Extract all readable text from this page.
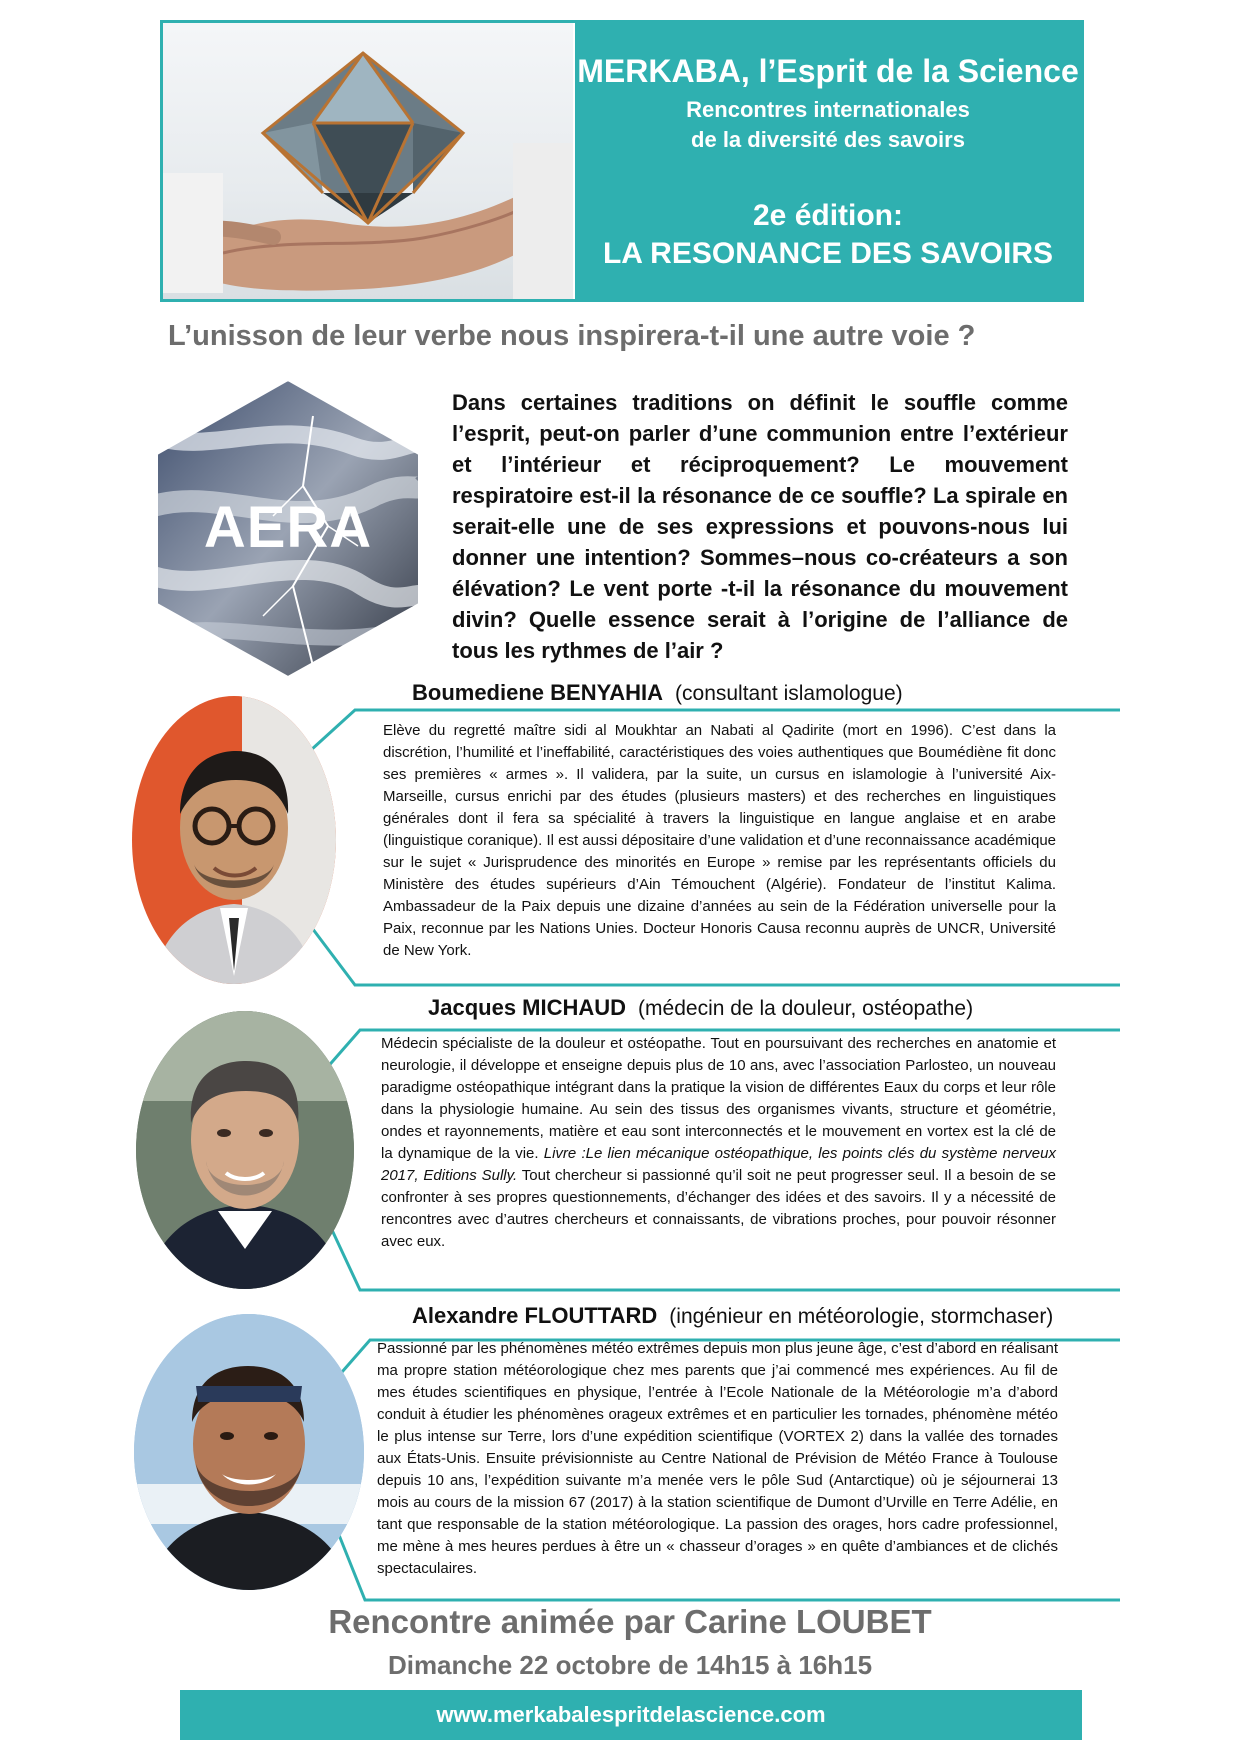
MERKABA, l’Esprit de la Science
Rencontres internationales
de la diversité des savoirs
2e édition:
LA RESONANCE DES SAVOIRS
L’unisson de leur verbe nous inspirera-t-il une autre voie ?
AERA
Dans certaines traditions on définit le souffle comme l’esprit, peut-on parler d’une communion entre l’extérieur et l’intérieur et réciproquement? Le mouvement respiratoire est-il la résonance de ce souffle? La spirale en serait-elle une de ses expressions et pouvons-nous lui donner une intention? Sommes–nous co-créateurs a son élévation? Le vent porte -t-il la résonance du mouvement divin? Quelle essence serait à l’origine de l’alliance de tous les rythmes de l’air ?
Boumediene BENYAHIA (consultant islamologue)
Elève du regretté maître sidi al Moukhtar an Nabati al Qadirite (mort en 1996). C’est dans la discrétion, l’humilité et l’ineffabilité, caractéristiques des voies authentiques que Boumédiène fit donc ses premières « armes ». Il validera, par la suite, un cursus en islamologie à l’université Aix-Marseille, cursus enrichi par des études (plusieurs masters) et des recherches en linguistiques générales dont il fera sa spécialité à travers la linguistique en langue anglaise et en arabe (linguistique coranique). Il est aussi dépositaire d’une validation et d’une reconnaissance académique sur le sujet « Jurisprudence des minorités en Europe » remise par les représentants officiels du Ministère des études supérieurs d’Ain Témouchent (Algérie). Fondateur de l’institut Kalima. Ambassadeur de la Paix depuis une dizaine d’années au sein de la Fédération universelle pour la Paix, reconnue par les Nations Unies. Docteur Honoris Causa reconnu auprès de UNCR, Université de New York.
Jacques MICHAUD (médecin de la douleur, ostéopathe)
Médecin spécialiste de la douleur et ostéopathe. Tout en poursuivant des recherches en anatomie et neurologie, il développe et enseigne depuis plus de 10 ans, avec l’association Parlosteo, un nouveau paradigme ostéopathique intégrant dans la pratique la vision de différentes Eaux du corps et leur rôle dans la physiologie humaine. Au sein des tissus des organismes vivants, structure et géométrie, ondes et rayonnements, matière et eau sont interconnectés et le mouvement en vortex est la clé de la dynamique de la vie. Livre :Le lien mécanique ostéopathique, les points clés du système nerveux 2017, Editions Sully. Tout chercheur si passionné qu’il soit ne peut progresser seul. Il a besoin de se confronter à ses propres questionnements, d’échanger des idées et des savoirs. Il y a nécessité de rencontres avec d’autres chercheurs et connaissants, de vibrations proches, pour pouvoir résonner avec eux.
Alexandre FLOUTTARD (ingénieur en météorologie, stormchaser)
Passionné par les phénomènes météo extrêmes depuis mon plus jeune âge, c’est d’abord en réalisant ma propre station météorologique chez mes parents que j’ai commencé mes expériences. Au fil de mes études scientifiques en physique, l’entrée à l’Ecole Nationale de la Météorologie m’a d’abord conduit à étudier les phénomènes orageux extrêmes et en particulier les tornades, phénomène météo le plus intense sur Terre, lors d’une expédition scientifique (VORTEX 2) dans la vallée des tornades aux États-Unis. Ensuite prévisionniste au Centre National de Prévision de Météo France à Toulouse depuis 10 ans, l’expédition suivante m’a menée vers le pôle Sud (Antarctique) où je séjournerai 13 mois au cours de la mission 67 (2017) à la station scientifique de Dumont d’Urville en Terre Adélie, en tant que responsable de la station météorologique. La passion des orages, hors cadre professionnel, me mène à mes heures perdues à être un « chasseur d’orages » en quête d’ambiances et de clichés spectaculaires.
Rencontre animée par Carine LOUBET
Dimanche 22 octobre de 14h15 à 16h15
www.merkabalespritdelascience.com
